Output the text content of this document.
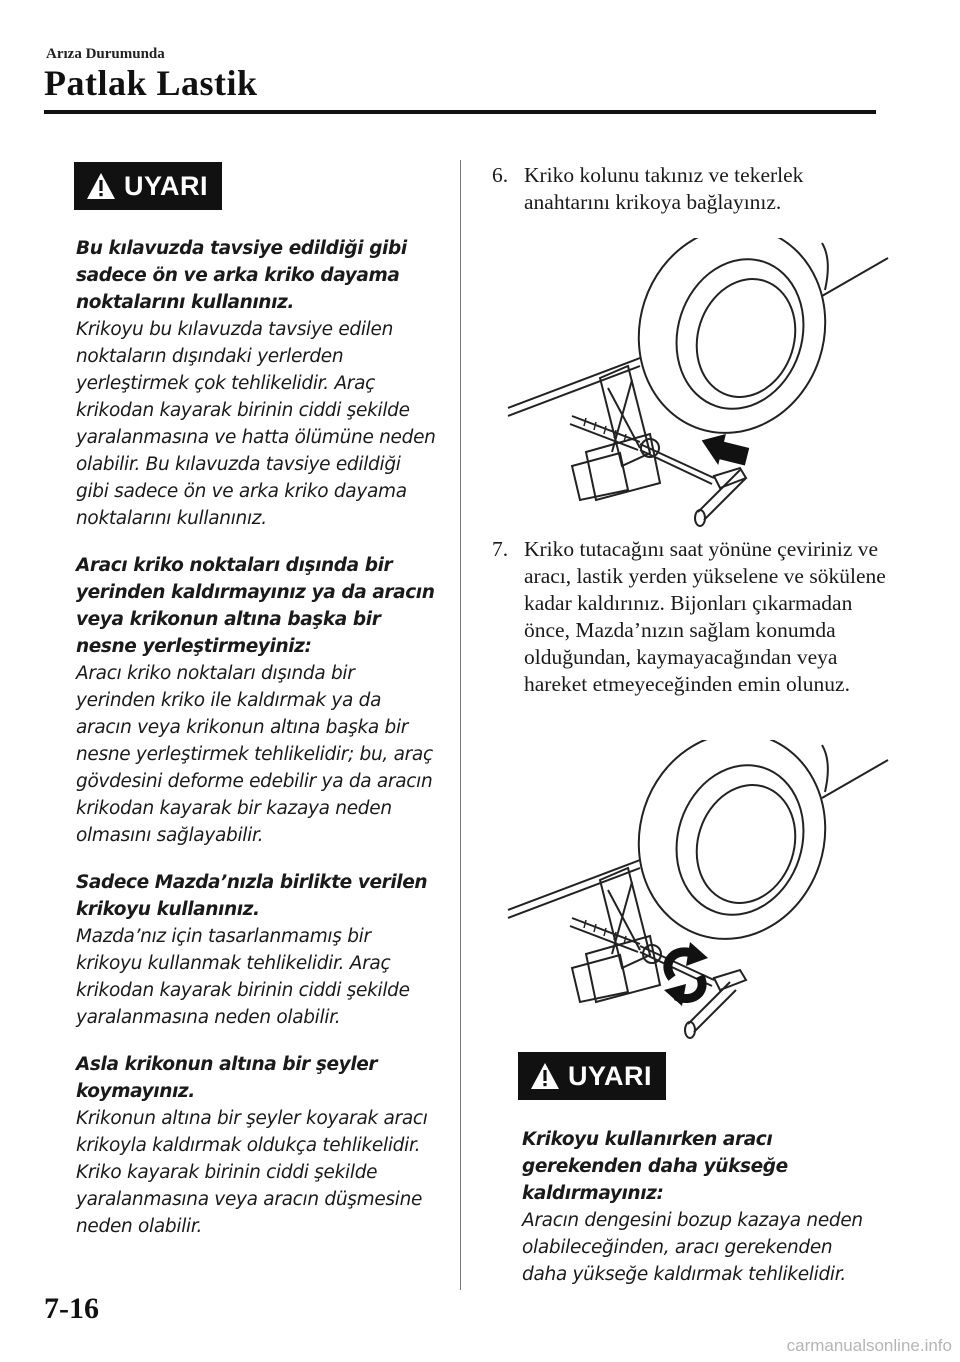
Arıza Durumunda
Patlak Lastik
UYARI
Bu kılavuzda tavsiye edildiği gibi sadece ön ve arka kriko dayama noktalarını kullanınız.
Krikoyu bu kılavuzda tavsiye edilen noktaların dışındaki yerlerden yerleştirmek çok tehlikelidir. Araç krikodan kayarak birinin ciddi şekilde yaralanmasına ve hatta ölümüne neden olabilir. Bu kılavuzda tavsiye edildiği gibi sadece ön ve arka kriko dayama noktalarını kullanınız.
Aracı kriko noktaları dışında bir yerinden kaldırmayınız ya da aracın veya krikonun altına başka bir nesne yerleştirmeyiniz:
Aracı kriko noktaları dışında bir yerinden kriko ile kaldırmak ya da aracın veya krikonun altına başka bir nesne yerleştirmek tehlikelidir; bu, araç gövdesini deforme edebilir ya da aracın krikodan kayarak bir kazaya neden olmasını sağlayabilir.
Sadece Mazda’nızla birlikte verilen krikoyu kullanınız.
Mazda’nız için tasarlanmamış bir krikoyu kullanmak tehlikelidir. Araç krikodan kayarak birinin ciddi şekilde yaralanmasına neden olabilir.
Asla krikonun altına bir şeyler koymayınız.
Krikonun altına bir şeyler koyarak aracı krikoyla kaldırmak oldukça tehlikelidir. Kriko kayarak birinin ciddi şekilde yaralanmasına veya aracın düşmesine neden olabilir.
6. Kriko kolunu takınız ve tekerlek anahtarını krikoya bağlayınız.
7. Kriko tutacağını saat yönüne çeviriniz ve aracı, lastik yerden yükselene ve sökülene kadar kaldırınız. Bijonları çıkarmadan önce, Mazda’nızın sağlam konumda olduğundan, kaymayacağından veya hareket etmeyeceğinden emin olunuz.
UYARI
Krikoyu kullanırken aracı gerekenden daha yükseğe kaldırmayınız:
Aracın dengesini bozup kazaya neden olabileceğinden, aracı gerekenden daha yükseğe kaldırmak tehlikelidir.
7-16
carmanualsonline.info
